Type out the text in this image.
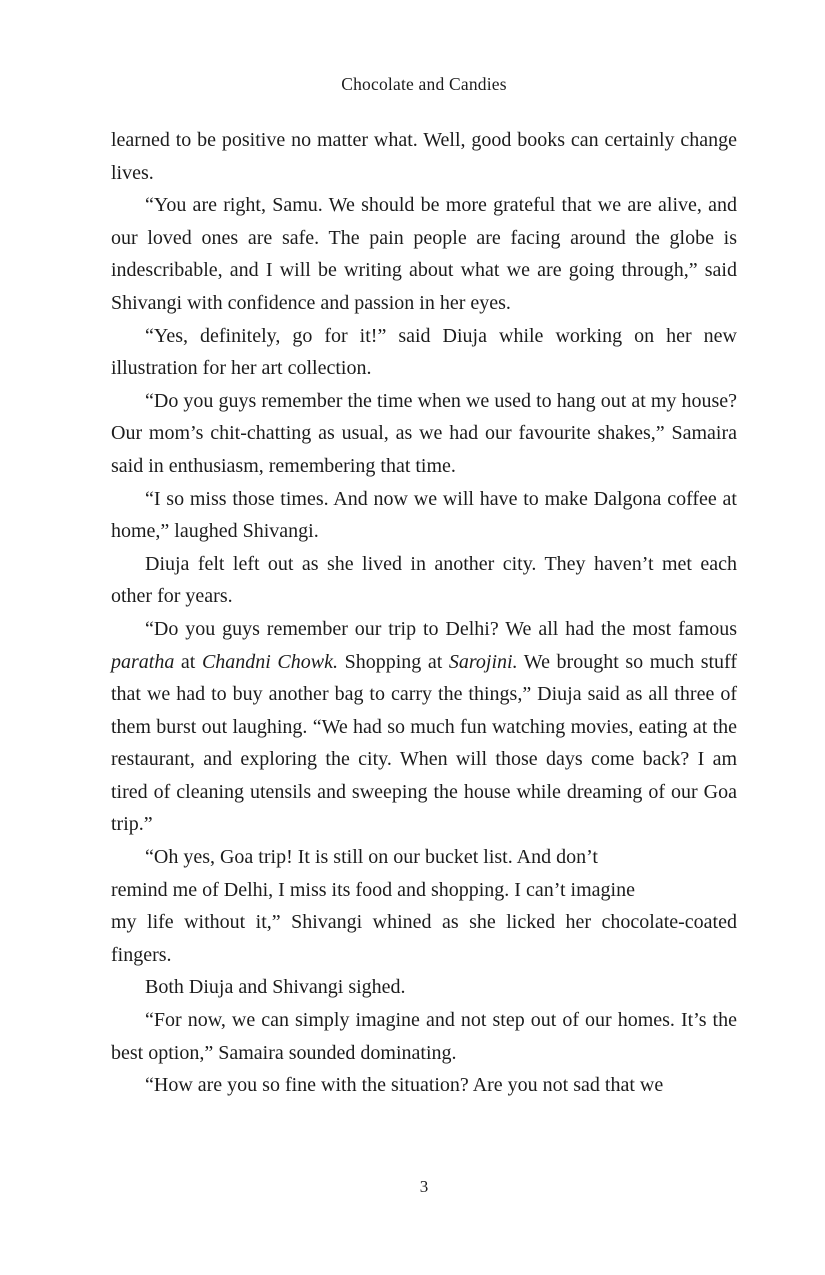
Chocolate and Candies

learned to be positive no matter what. Well, good books can certainly change lives.

“You are right, Samu. We should be more grateful that we are alive, and our loved ones are safe. The pain people are facing around the globe is indescribable, and I will be writing about what we are going through,” said Shivangi with confidence and passion in her eyes.

“Yes, definitely, go for it!” said Diuja while working on her new illustration for her art collection.

“Do you guys remember the time when we used to hang out at my house? Our mom’s chit-chatting as usual, as we had our favourite shakes,” Samaira said in enthusiasm, remembering that time.

“I so miss those times. And now we will have to make Dalgona coffee at home,” laughed Shivangi.

Diuja felt left out as she lived in another city. They haven’t met each other for years.

“Do you guys remember our trip to Delhi? We all had the most famous paratha at Chandni Chowk. Shopping at Sarojini. We brought so much stuff that we had to buy another bag to carry the things,” Diuja said as all three of them burst out laughing. “We had so much fun watching movies, eating at the restaurant, and exploring the city. When will those days come back? I am tired of cleaning utensils and sweeping the house while dreaming of our Goa trip.”

“Oh yes, Goa trip! It is still on our bucket list. And don’t
remind me of Delhi, I miss its food and shopping. I can’t imagine
my life without it,” Shivangi whined as she licked her chocolate-coated fingers.

Both Diuja and Shivangi sighed.

“For now, we can simply imagine and not step out of our homes. It’s the best option,” Samaira sounded dominating.

“How are you so fine with the situation? Are you not sad that we

3
